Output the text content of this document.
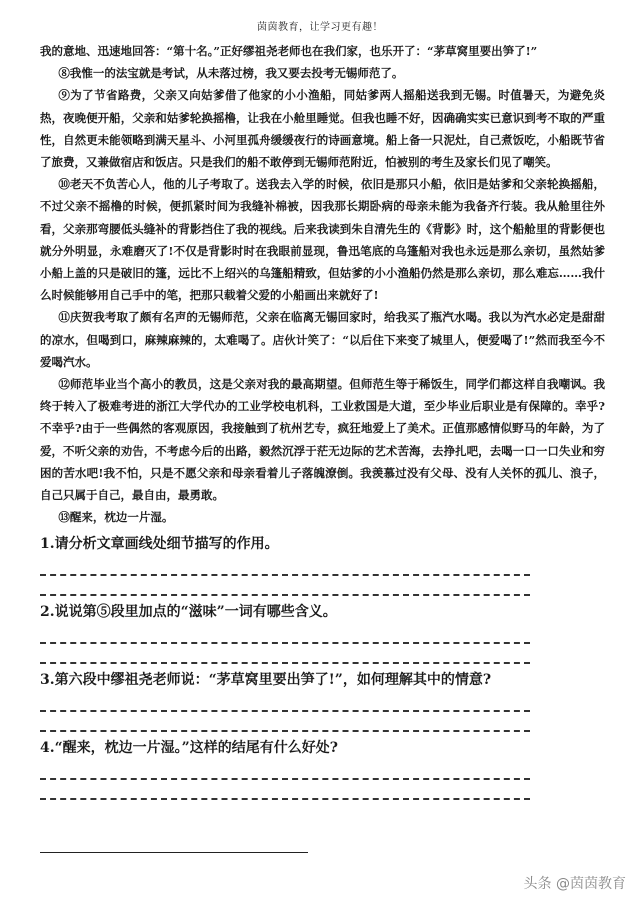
茵茵教育，让学习更有趣！

我的意地、迅速地回答：“第十名。”正好缪祖尧老师也在我们家，也乐开了：“茅草窝里要出笋了!”

⑧我惟一的法宝就是考试，从未落过榜，我又要去投考无锡师范了。

⑨为了节省路费，父亲又向姑爹借了他家的小小渔船，同姑爹两人摇船送我到无锡。时值暑天，为避免炎热，夜晚便开船，父亲和姑爹轮换摇橹，让我在小舱里睡觉。但我也睡不好，因确确实实已意识到考不取的严重性，自然更未能领略到满天星斗、小河里孤舟缓缓夜行的诗画意境。船上备一只泥灶，自己煮饭吃，小船既节省了旅费，又兼做宿店和饭店。只是我们的船不敢停到无锡师范附近，怕被别的考生及家长们见了嘲笑。

⑩老天不负苦心人，他的儿子考取了。送我去入学的时候，依旧是那只小船，依旧是姑爹和父亲轮换摇船，不过父亲不摇橹的时候，便抓紧时间为我缝补棉被，因我那长期卧病的母亲未能为我备齐行装。我从舱里往外看，父亲那弯腰低头缝补的背影挡住了我的视线。后来我读到朱自清先生的《背影》时，这个船舱里的背影便也就分外明显，永难磨灭了!不仅是背影时时在我眼前显现，鲁迅笔底的乌篷船对我也永远是那么亲切，虽然姑爹小船上盖的只是破旧的篷，远比不上绍兴的乌篷船精致，但姑爹的小小渔船仍然是那么亲切，那么难忘……我什么时候能够用自己手中的笔，把那只载着父爱的小船画出来就好了!

⑪庆贺我考取了颇有名声的无锡师范，父亲在临离无锡回家时，给我买了瓶汽水喝。我以为汽水必定是甜甜的凉水，但喝到口，麻辣麻辣的，太难喝了。店伙计笑了：“以后住下来变了城里人，便爱喝了!”然而我至今不爱喝汽水。

⑫师范毕业当个高小的教员，这是父亲对我的最高期望。但师范生等于稀饭生，同学们都这样自我嘲讽。我终于转入了极难考进的浙江大学代办的工业学校电机科，工业救国是大道，至少毕业后职业是有保障的。幸乎?不幸乎?由于一些偶然的客观原因，我接触到了杭州艺专，疯狂地爱上了美术。正值那感情似野马的年龄，为了爱，不听父亲的劝告，不考虑今后的出路，毅然沉浮于茫无边际的艺术苦海，去挣扎吧，去喝一口一口失业和穷困的苦水吧!我不怕，只是不愿父亲和母亲看着儿子落魄潦倒。我羡慕过没有父母、没有人关怀的孤儿、浪子，自己只属于自己，最自由，最勇敢。

⑬醒来，枕边一片湿。

1.请分析文章画线处细节描写的作用。

2.说说第⑤段里加点的“滋味”一词有哪些含义。

3.第六段中缪祖尧老师说：“茅草窝里要出笋了!”，如何理解其中的情意?

4.“醒来，枕边一片湿。”这样的结尾有什么好处?

头条 @茵茵教育
